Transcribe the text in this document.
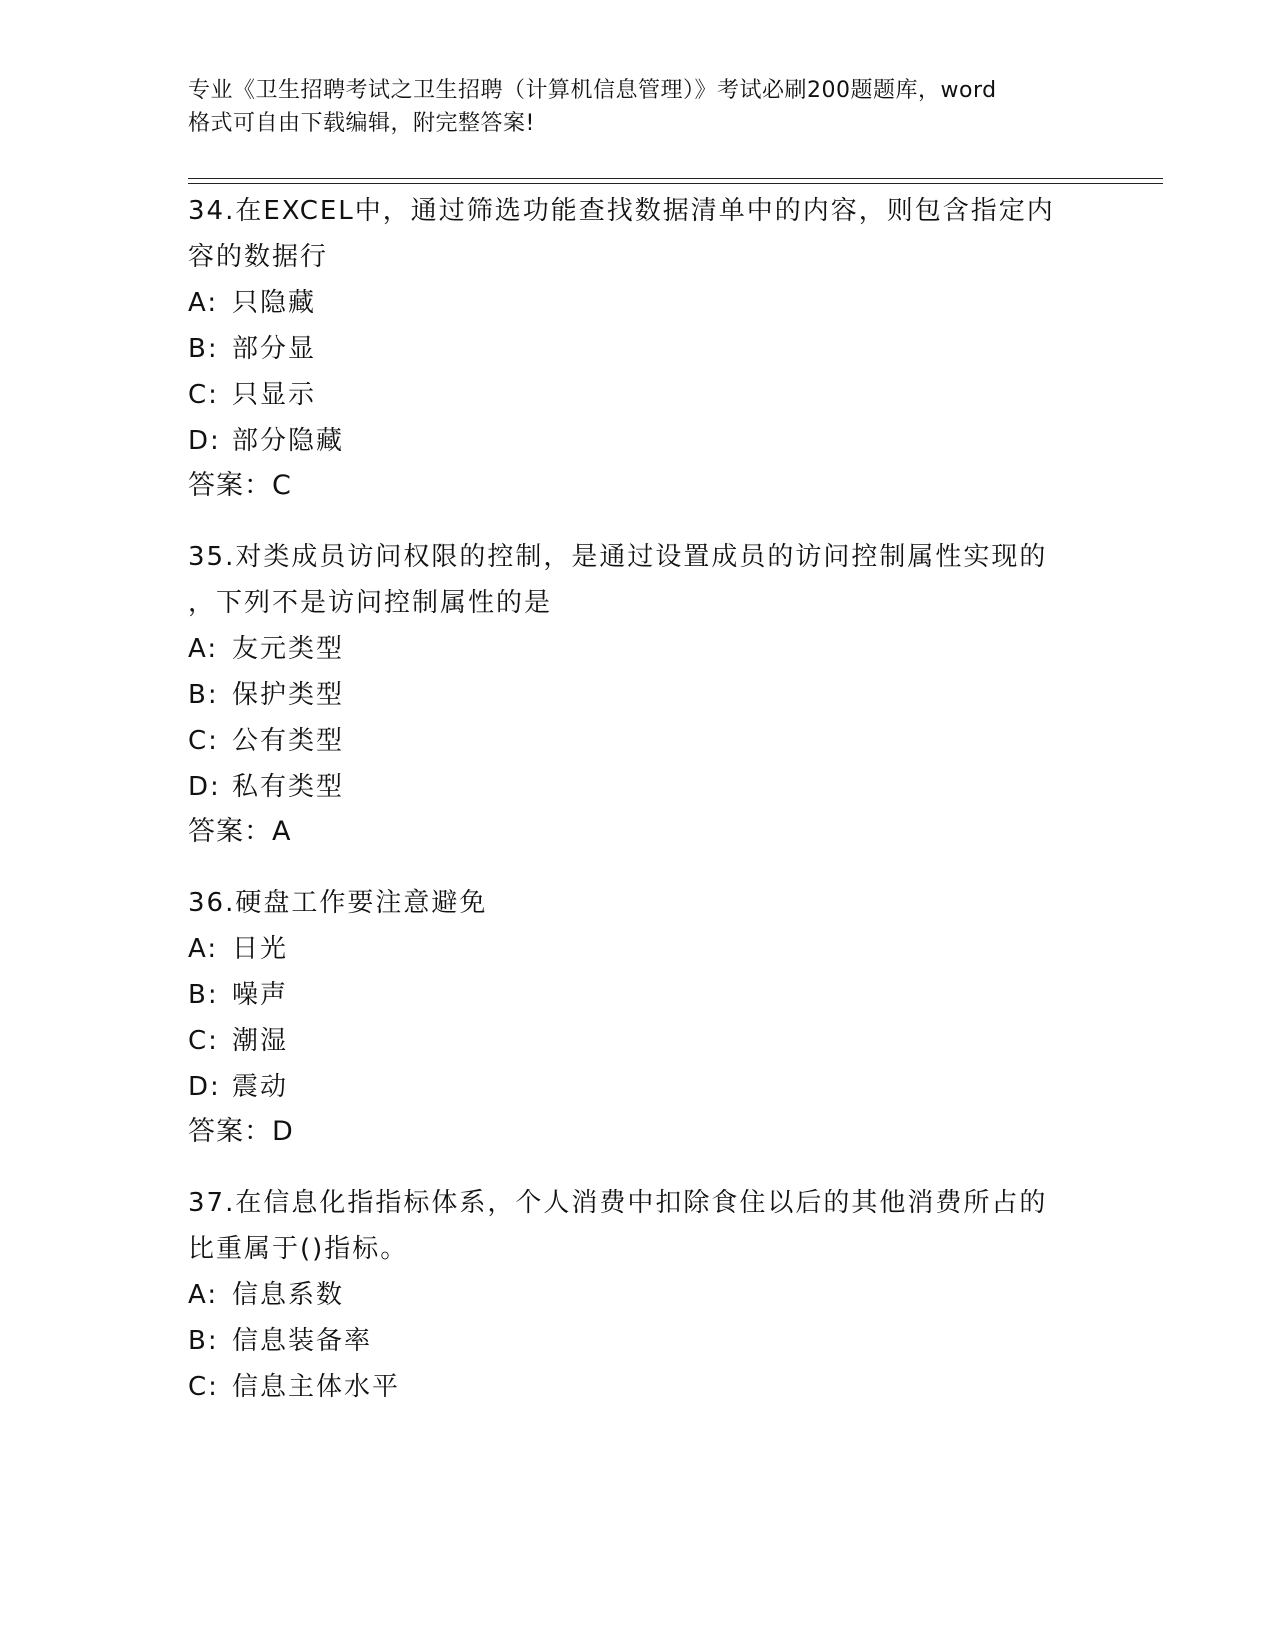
专业《卫生招聘考试之卫生招聘（计算机信息管理）》考试必刷200题题库，word
格式可自由下载编辑，附完整答案!
34.在EXCEL中，通过筛选功能查找数据清单中的内容，则包含指定内
容的数据行
A: 只隐藏
B: 部分显
C: 只显示
D: 部分隐藏
答案：C
35.对类成员访问权限的控制，是通过设置成员的访问控制属性实现的
，下列不是访问控制属性的是
A: 友元类型
B: 保护类型
C: 公有类型
D: 私有类型
答案：A
36.硬盘工作要注意避免
A: 日光
B: 噪声
C: 潮湿
D: 震动
答案：D
37.在信息化指指标体系，个人消费中扣除食住以后的其他消费所占的
比重属于()指标。
A: 信息系数
B: 信息装备率
C: 信息主体水平
